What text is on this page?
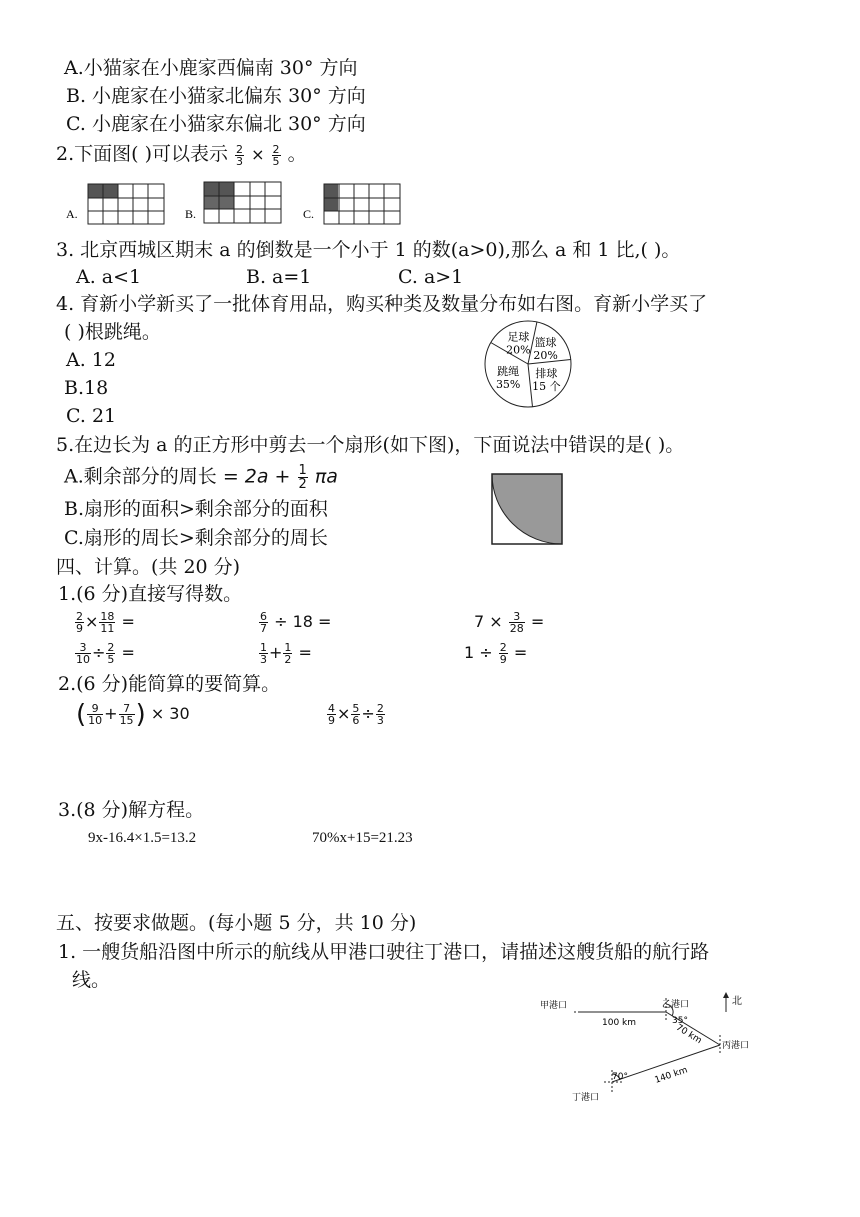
A.小猫家在小鹿家西偏南 30° 方向
B. 小鹿家在小猫家北偏东 30° 方向
C. 小鹿家在小猫家东偏北 30° 方向
2.下面图( )可以表示 $\frac{2}{3} \times \frac{2}{5}$ 。
A.	B.	C.
3. 北京西城区期末 a 的倒数是一个小于 1 的数(a>0),那么 a 和 1 比,( )。
A. a<1	B. a=1	C. a>1
4. 育新小学新买了一批体育用品，购买种类及数量分布如右图。育新小学买了
( )根跳绳。
A. 12
B.18
C. 21
足球
20%
篮球
20%
排球
15 个
跳绳
35%
5.在边长为 a 的正方形中剪去一个扇形(如下图)，下面说法中错误的是( )。
A.剩余部分的周长 = $2a + \frac{1}{2}$ πa
B.扇形的面积>剩余部分的面积
C.扇形的周长>剩余部分的周长
四、计算。(共 20 分)
1.(6 分)直接写得数。
$\frac{2}{9} \times \frac{18}{11}$ =	$\frac{6}{7} \div 18$ =	$7 \times \frac{3}{28}$ =
$\frac{3}{10} \div \frac{2}{5}$ =	$\frac{1}{3} + \frac{1}{2}$ =	$1 \div \frac{2}{9}$ =
2.(6 分)能简算的要简算。
( $\frac{9}{10} + \frac{7}{15}$ ) × 30	$\frac{4}{9} \times \frac{5}{6} \div \frac{2}{3}$
3.(8 分)解方程。
9x-16.4×1.5=13.2	70%x+15=21.23
五、按要求做题。(每小题 5 分，共 10 分)
1. 一艘货船沿图中所示的航线从甲港口驶往丁港口，请描述这艘货船的航行路
线。
北
甲港口	乙港口
丙港口
丁港口
100 km	70 km
140 km
35°
70°
